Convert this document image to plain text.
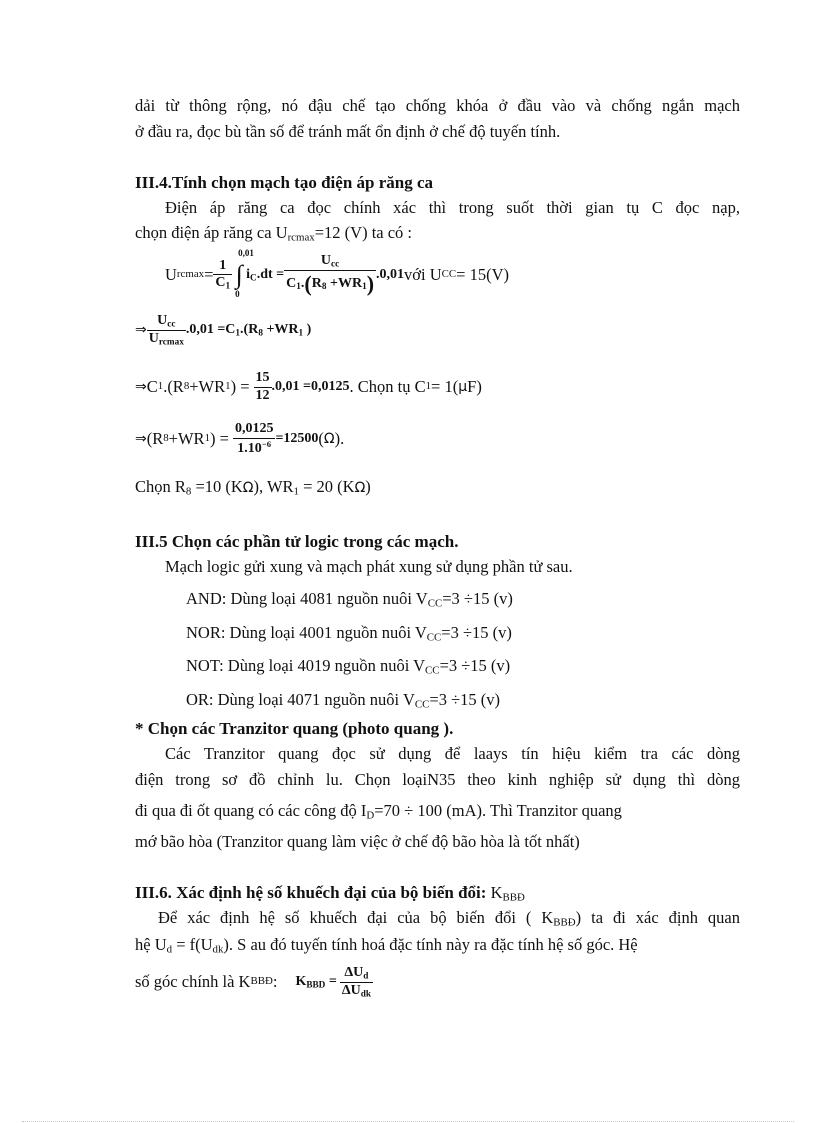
dải từ thông rộng, nó đậu chế tạo chống khóa ở đầu vào và chống ngắn mạch
ở đầu ra, đọc bù tần số để tránh mất ổn định ở chế độ tuyến tính.
III.4.Tính chọn mạch tạo điện áp răng ca
Điện áp răng ca đọc chính xác thì trong suốt thời gian tụ C đọc nạp,
chọn điện áp răng ca $U_{rcmax}=12$ (V) ta có :
U $rcmax = \frac{1}{C_1}$ ∫
0,01
0
$i_C.dt = \frac{U_{cc}}{C_1.(R_8 +WR_1)} .0,01$ với U CC = 15(V)
⇒ $\frac{U_{cc}}{U_{rcmax}} .0,01 =C_1.(R_8 +WR_1$ )
⇒ C 1 .(R 8 +WR 1 ) = $\frac{15}{12} .0,01 =0,0125$ . Chọn tụ C 1 = 1( μ F)
⇒ (R 8 +WR 1 ) = $\frac{0,0125}{1.10^{-6}} =12500$ ( Ω ).
Chọn $R_8 =10$ (KΩ), $WR_1 = 20$ (KΩ)
III.5 Chọn các phần tử logic trong các mạch.
Mạch logic gửi xung và mạch phát xung sử dụng phần tử sau.
AND: Dùng loại 4081 nguồn nuôi $V_{CC}=3 \div 15$ (v)
NOR: Dùng loại 4001 nguồn nuôi $V_{CC}=3 \div 15$ (v)
NOT: Dùng loại 4019 nguồn nuôi $V_{CC}=3 \div 15$ (v)
OR: Dùng loại 4071 nguồn nuôi $V_{CC}=3 \div 15$ (v)
* Chọn các Tranzitor quang (photo quang ).
Các Tranzitor quang đọc sử dụng để laays tín hiệu kiểm tra các dòng
điện trong sơ đồ chỉnh lu. Chọn loạiN35 theo kinh nghiệp sử dụng thì dòng
đi qua đi ốt quang có các công độ $I_D=70 \div 100$ (mA). Thì Tranzitor quang
mớ bão hòa (Tranzitor quang làm việc ở chế độ bão hòa là tốt nhất)
III.6. Xác định hệ số khuếch đại của bộ biến đổi: $K_{BBĐ}$
Để xác định hệ số khuếch đại của bộ biến đổi ( $K_{BBĐ}$) ta đi xác định quan
hệ $U_d = f(U_{dk})$. S au đó tuyến tính hoá đặc tính này ra đặc tính hệ số góc. Hệ
số góc chính là K BBĐ : $K_{BBD} = \frac{\Delta U_d}{\Delta U_{dk}}$
